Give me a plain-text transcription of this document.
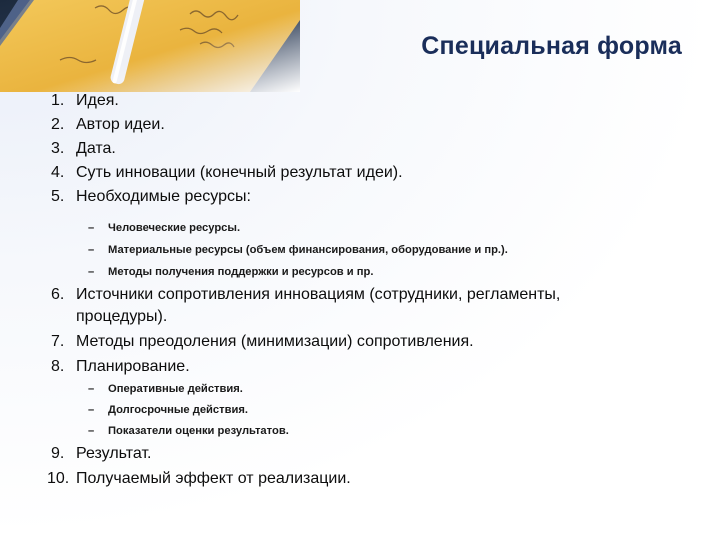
Специальная форма
1. Идея.
2. Автор идеи.
3. Дата.
4. Суть инновации (конечный результат идеи).
5. Необходимые ресурсы:
– Человеческие ресурсы.
– Материальные ресурсы (объем финансирования, оборудование и пр.).
– Методы получения поддержки и ресурсов и пр.
6. Источники сопротивления инновациям (сотрудники, регламенты,
процедуры).
7. Методы преодоления (минимизации) сопротивления.
8. Планирование.
– Оперативные действия.
– Долгосрочные действия.
– Показатели оценки результатов.
9. Результат.
10. Получаемый эффект от реализации.
